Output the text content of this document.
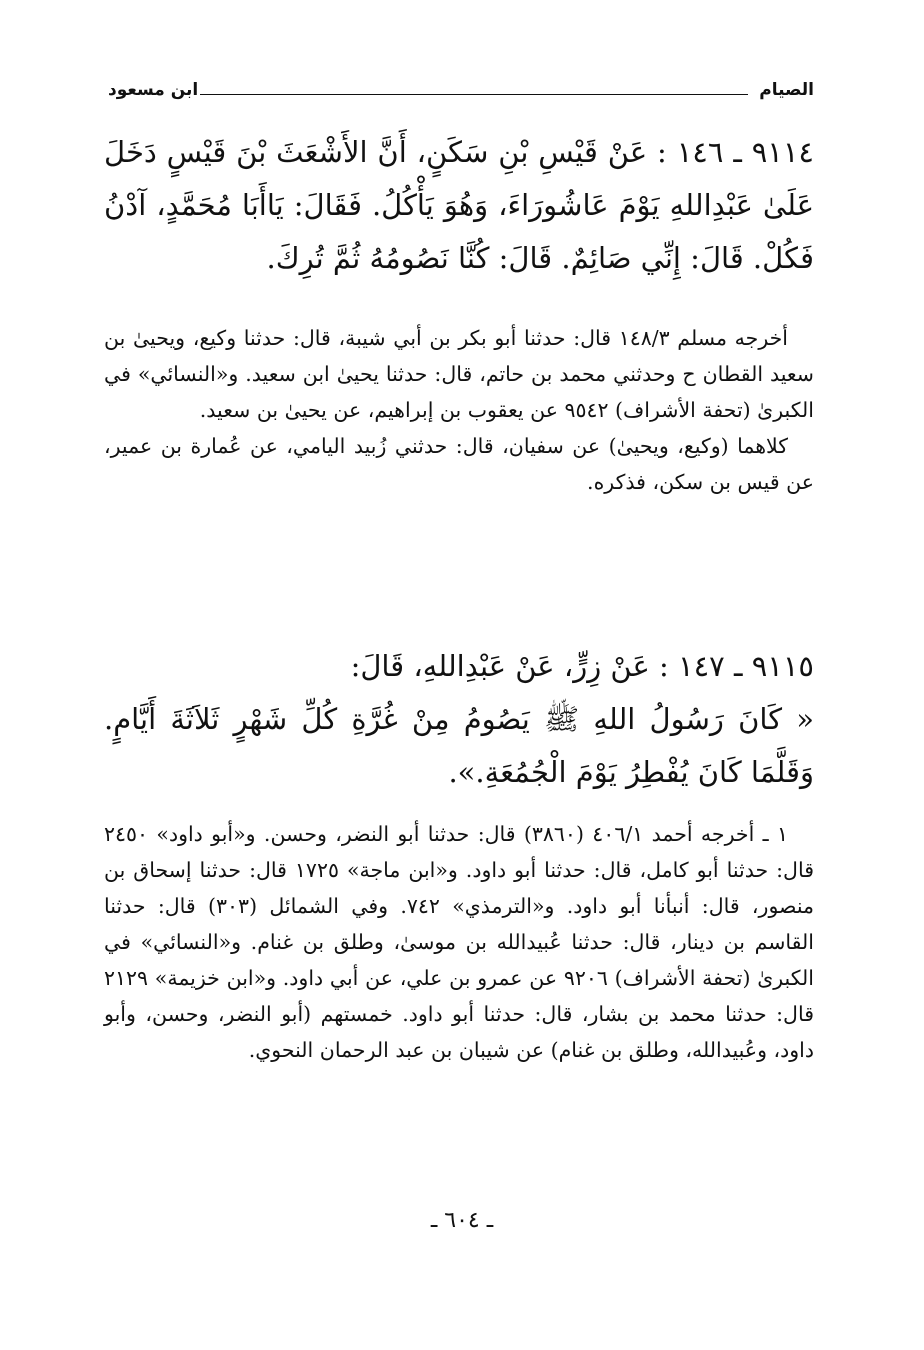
الصيام
ابن مسعود
٩١١٤ ـ ١٤٦ : عَنْ قَيْسِ بْنِ سَكَنٍ، أَنَّ الأَشْعَثَ بْنَ قَيْسٍ دَخَلَ عَلَىٰ عَبْدِاللهِ يَوْمَ عَاشُورَاءَ، وَهُوَ يَأْكُلُ. فَقَالَ: يَاأَبَا مُحَمَّدٍ، آدْنُ فَكُلْ. قَالَ: إِنِّي صَائِمٌ. قَالَ: كُنَّا نَصُومُهُ ثُمَّ تُرِكَ.

أخرجه مسلم ١٤٨/٣ قال: حدثنا أبو بكر بن أبي شيبة، قال: حدثنا وكيع، ويحيىٰ بن سعيد القطان ح وحدثني محمد بن حاتم، قال: حدثنا يحيىٰ ابن سعيد. و«النسائي» في الكبرىٰ (تحفة الأشراف) ٩٥٤٢ عن يعقوب بن إبراهيم، عن يحيىٰ بن سعيد.

كلاهما (وكيع، ويحيىٰ) عن سفيان، قال: حدثني زُبيد اليامي، عن عُمارة بن عمير، عن قيس بن سكن، فذكره.

٩١١٥ ـ ١٤٧ : عَنْ زِرٍّ، عَنْ عَبْدِاللهِ، قَالَ:
« كَانَ رَسُولُ اللهِ ﷺ يَصُومُ مِنْ غُرَّةِ كُلِّ شَهْرٍ ثَلاَثَةَ أَيَّامٍ. وَقَلَّمَا كَانَ يُفْطِرُ يَوْمَ الْجُمُعَةِ.».

١ ـ أخرجه أحمد ٤٠٦/١ (٣٨٦٠) قال: حدثنا أبو النضر، وحسن. و«أبو داود» ٢٤٥٠ قال: حدثنا أبو كامل، قال: حدثنا أبو داود. و«ابن ماجة» ١٧٢٥ قال: حدثنا إسحاق بن منصور، قال: أنبأنا أبو داود. و«الترمذي» ٧٤٢. وفي الشمائل (٣٠٣) قال: حدثنا القاسم بن دينار، قال: حدثنا عُبيدالله بن موسىٰ، وطلق بن غنام. و«النسائي» في الكبرىٰ (تحفة الأشراف) ٩٢٠٦ عن عمرو بن علي، عن أبي داود. و«ابن خزيمة» ٢١٢٩ قال: حدثنا محمد بن بشار، قال: حدثنا أبو داود. خمستهم (أبو النضر، وحسن، وأبو داود، وعُبيدالله، وطلق بن غنام) عن شيبان بن عبد الرحمان النحوي.

ـ ٦٠٤ ـ
